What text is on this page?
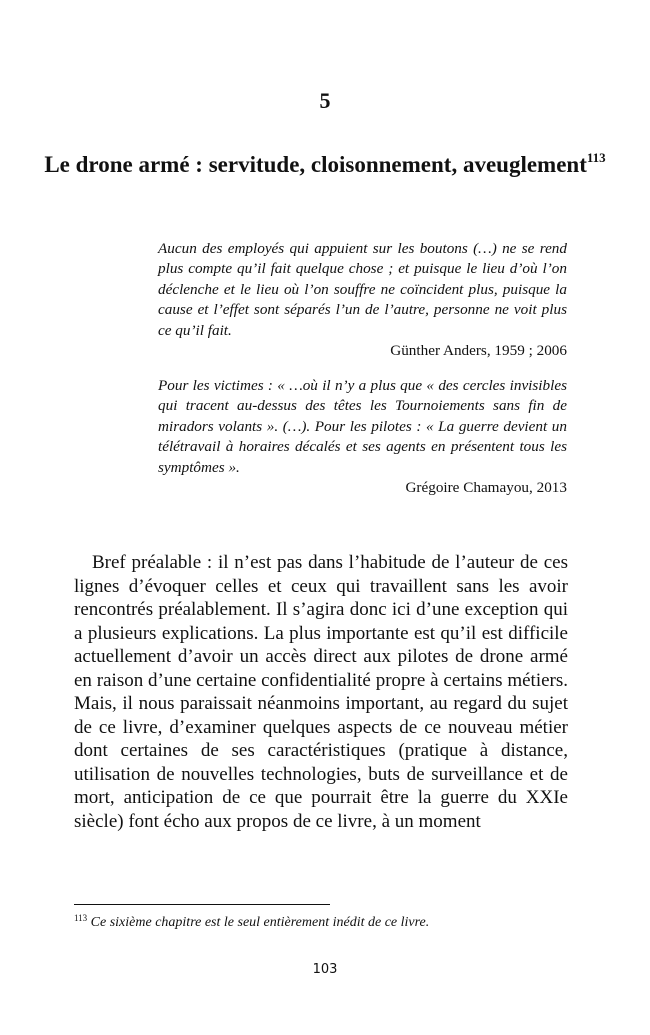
5
Le drone armé : servitude, cloisonnement, aveuglement$^{113}$
Aucun des employés qui appuient sur les boutons (…) ne se rend plus compte qu’il fait quelque chose ; et puisque le lieu d’où l’on déclenche et le lieu où l’on souffre ne coïncident plus, puisque la cause et l’effet sont séparés l’un de l’autre, personne ne voit plus ce qu’il fait.
Günther Anders, 1959 ; 2006
Pour les victimes : « …où il n’y a plus que « des cercles invisibles qui tracent au-dessus des têtes les Tournoiements sans fin de miradors volants ». (…). Pour les pilotes : « La guerre devient un télétravail à horaires décalés et ses agents en présentent tous les symptômes ».
Grégoire Chamayou, 2013

Bref préalable : il n’est pas dans l’habitude de l’auteur de ces lignes d’évoquer celles et ceux qui travaillent sans les avoir rencontrés préalablement. Il s’agira donc ici d’une exception qui a plusieurs explications. La plus importante est qu’il est difficile actuellement d’avoir un accès direct aux pilotes de drone armé en raison d’une certaine confidentialité propre à certains métiers. Mais, il nous paraissait néanmoins important, au regard du sujet de ce livre, d’examiner quelques aspects de ce nouveau métier dont certaines de ses caractéristiques (pratique à distance, utilisation de nouvelles technologies, buts de surveillance et de mort, anticipation de ce que pourrait être la guerre du XXIe siècle) font écho aux propos de ce livre, à un moment

$^{113}$ Ce sixième chapitre est le seul entièrement inédit de ce livre.

103
